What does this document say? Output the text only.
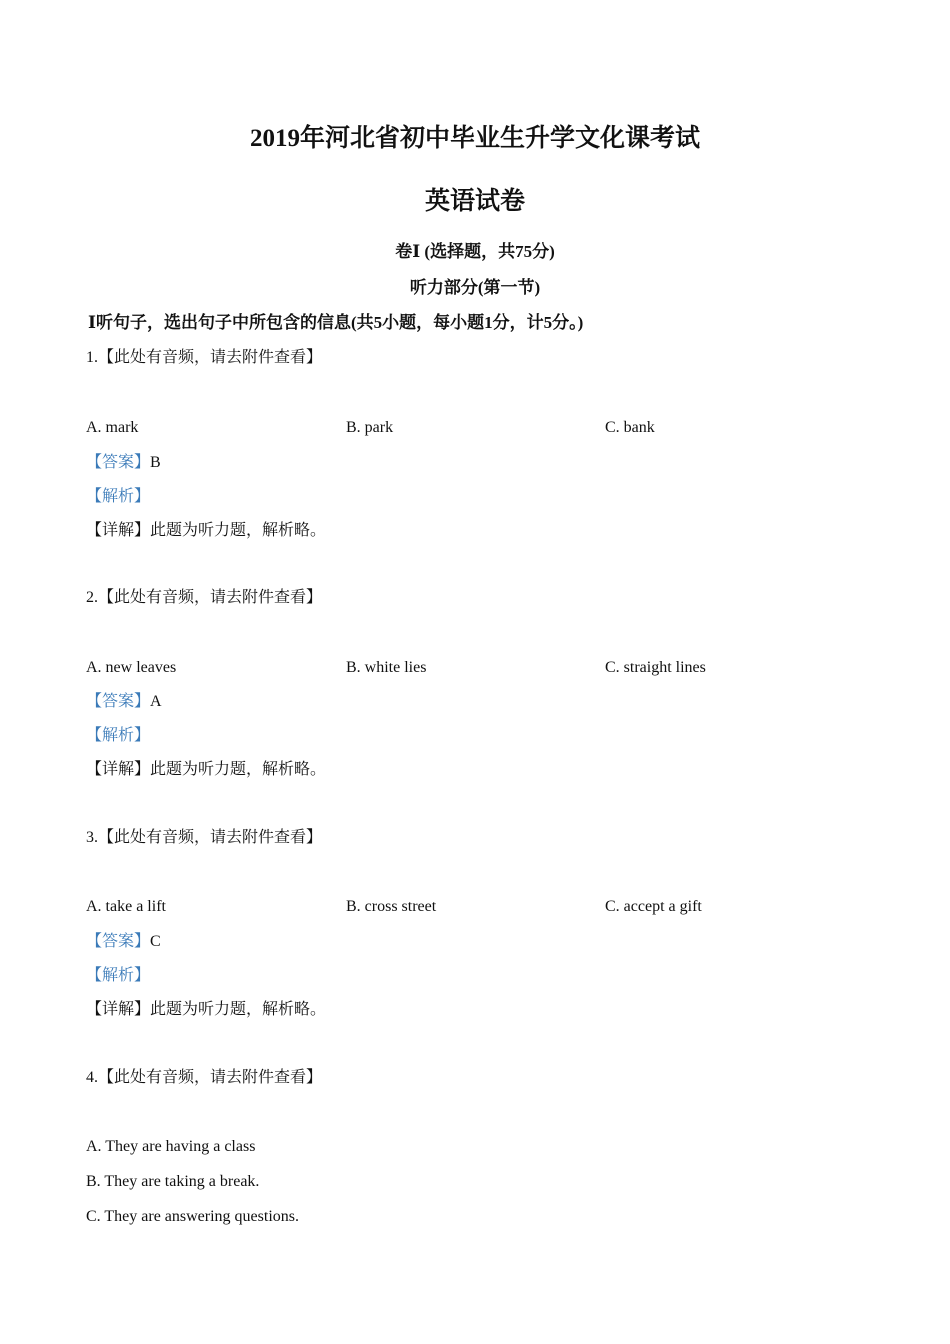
2019年河北省初中毕业生升学文化课考试
英语试卷
卷Ⅰ (选择题，共75分)
听力部分(第一节)
Ⅰ听句子，选出句子中所包含的信息(共5小题，每小题1分，计5分。)
1.【此处有音频，请去附件查看】
A. mark	B. park	C. bank
【答案】B
【解析】
【详解】此题为听力题，解析略。
2.【此处有音频，请去附件查看】
A. new leaves	B. white lies	C. straight lines
【答案】A
【解析】
【详解】此题为听力题，解析略。
3.【此处有音频，请去附件查看】
A. take a lift	B. cross street	C. accept a gift
【答案】C
【解析】
【详解】此题为听力题，解析略。
4.【此处有音频，请去附件查看】
A. They are having a class
B. They are taking a break.
C. They are answering questions.
